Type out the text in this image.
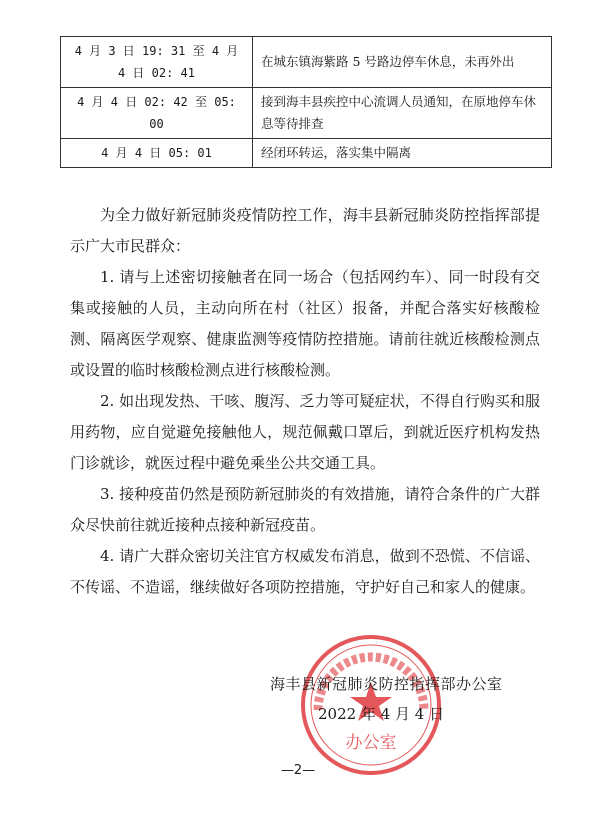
4 月 3 日 19: 31 至 4 月 4 日 02: 41	在城东镇海紫路 5 号路边停车休息，未再外出
4 月 4 日 02: 42 至 05: 00	接到海丰县疾控中心流调人员通知，在原地停车休息等待排查
4 月 4 日 05: 01	经闭环转运，落实集中隔离

为全力做好新冠肺炎疫情防控工作，海丰县新冠肺炎防控指挥部提示广大市民群众：

1. 请与上述密切接触者在同一场合（包括网约车）、同一时段有交集或接触的人员，主动向所在村（社区）报备，并配合落实好核酸检测、隔离医学观察、健康监测等疫情防控措施。请前往就近核酸检测点或设置的临时核酸检测点进行核酸检测。

2. 如出现发热、干咳、腹泻、乏力等可疑症状，不得自行购买和服用药物，应自觉避免接触他人，规范佩戴口罩后，到就近医疗机构发热门诊就诊，就医过程中避免乘坐公共交通工具。

3. 接种疫苗仍然是预防新冠肺炎的有效措施，请符合条件的广大群众尽快前往就近接种点接种新冠疫苗。

4. 请广大群众密切关注官方权威发布消息，做到不恐慌、不信谣、不传谣、不造谣，继续做好各项防控措施，守护好自己和家人的健康。

办公室
海丰县新冠肺炎防控指挥部办公室
2022 年 4 月 4 日
—2—
